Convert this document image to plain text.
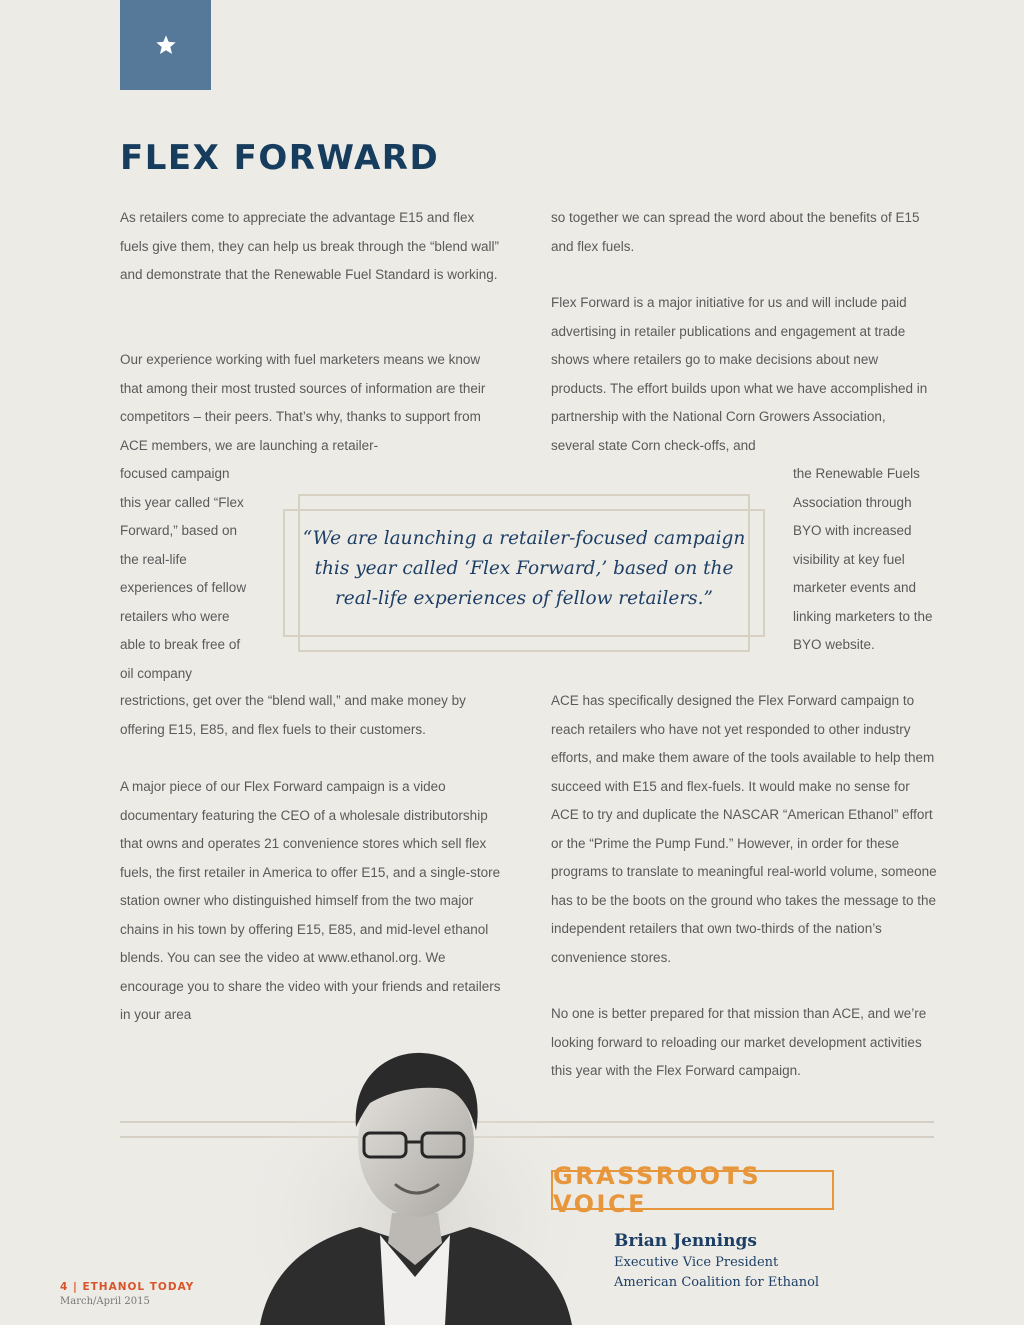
FLEX FORWARD

As retailers come to appreciate the advantage E15 and flex fuels give them, they can help us break through the “blend wall” and demonstrate that the Renewable Fuel Standard is working.

Our experience working with fuel marketers means we know that among their most trusted sources of information are their competitors – their peers. That’s why, thanks to support from ACE members, we are launching a retailer-

focused campaign this year called “Flex Forward,” based on the real-life experiences of fellow retailers who were able to break free of oil company

restrictions, get over the “blend wall,” and make money by offering E15, E85, and flex fuels to their customers.

A major piece of our Flex Forward campaign is a video documentary featuring the CEO of a wholesale distributorship that owns and operates 21 convenience stores which sell flex fuels, the first retailer in America to offer E15, and a single-store station owner who distinguished himself from the two major chains in his town by offering E15, E85, and mid-level ethanol blends. You can see the video at www.ethanol.org. We encourage you to share the video with your friends and retailers in your area

so together we can spread the word about the benefits of E15 and flex fuels.

Flex Forward is a major initiative for us and will include paid advertising in retailer publications and engagement at trade shows where retailers go to make decisions about new products. The effort builds upon what we have accomplished in partnership with the National Corn Growers Association, several state Corn check-offs, and

the Renewable Fuels Association through BYO with increased visibility at key fuel marketer events and linking marketers to the BYO website.

ACE has specifically designed the Flex Forward campaign to reach retailers who have not yet responded to other industry efforts, and make them aware of the tools available to help them succeed with E15 and flex-fuels. It would make no sense for ACE to try and duplicate the NASCAR “American Ethanol” effort or the “Prime the Pump Fund.” However, in order for these programs to translate to meaningful real-world volume, someone has to be the boots on the ground who takes the message to the independent retailers that own two-thirds of the nation’s convenience stores.

No one is better prepared for that mission than ACE, and we’re looking forward to reloading our market development activities this year with the Flex Forward campaign.

“We are launching a retailer-focused campaign this year called ‘Flex Forward,’ based on the real-life experiences of fellow retailers.”

GRASSROOTS VOICE

Brian Jennings

Executive Vice President

American Coalition for Ethanol

4 | ETHANOL TODAY

March/April 2015
